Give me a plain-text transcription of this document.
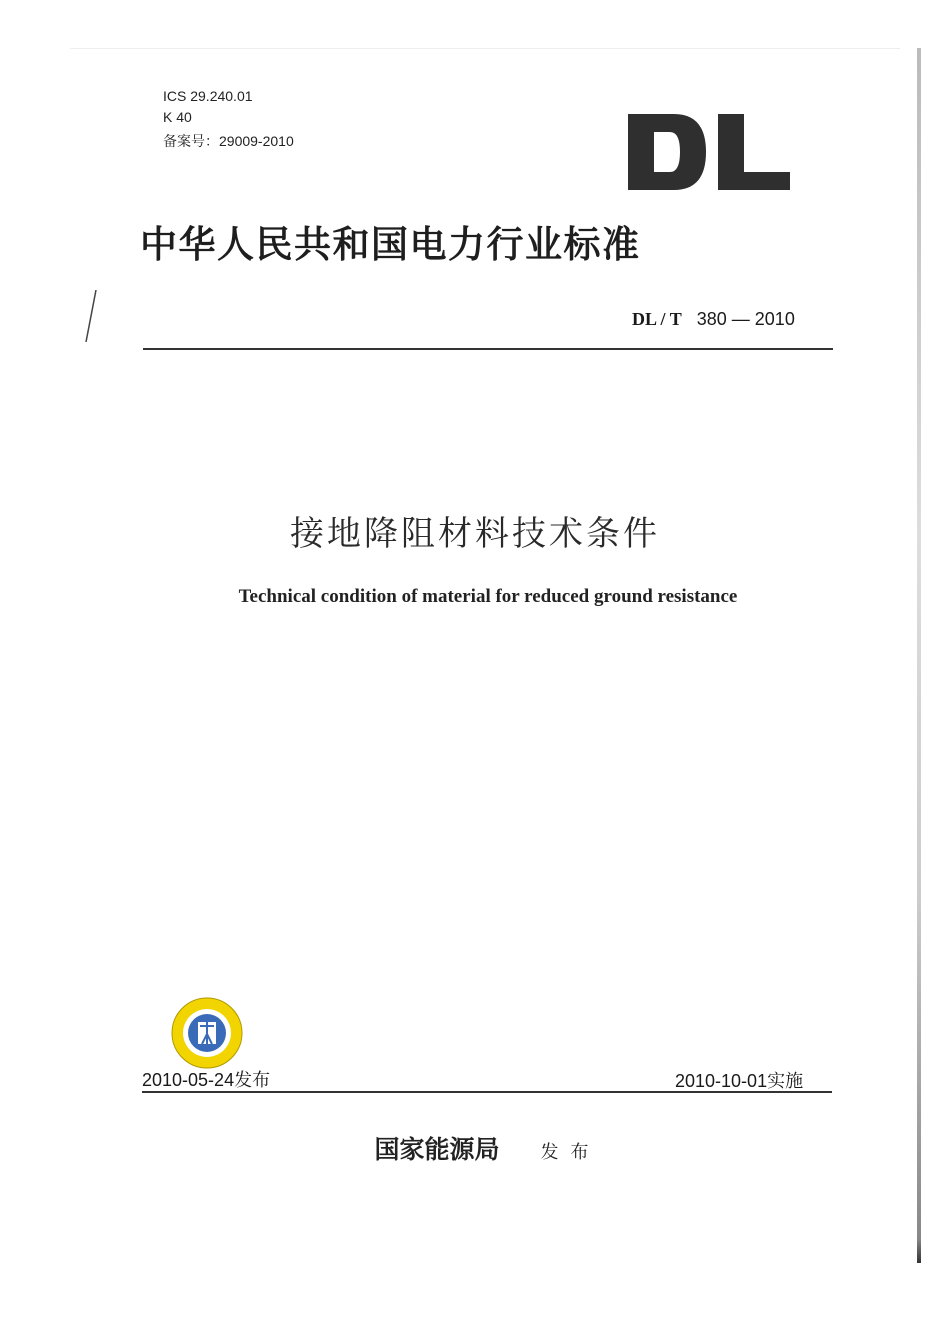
ICS 29.240.01
K 40
备案号：29009-2010
中华人民共和国电力行业标准
DL / T 380 — 2010
接地降阻材料技术条件
Technical condition of material for reduced ground resistance
2010-05-24发布	2010-10-01实施
国家能源局 发布
